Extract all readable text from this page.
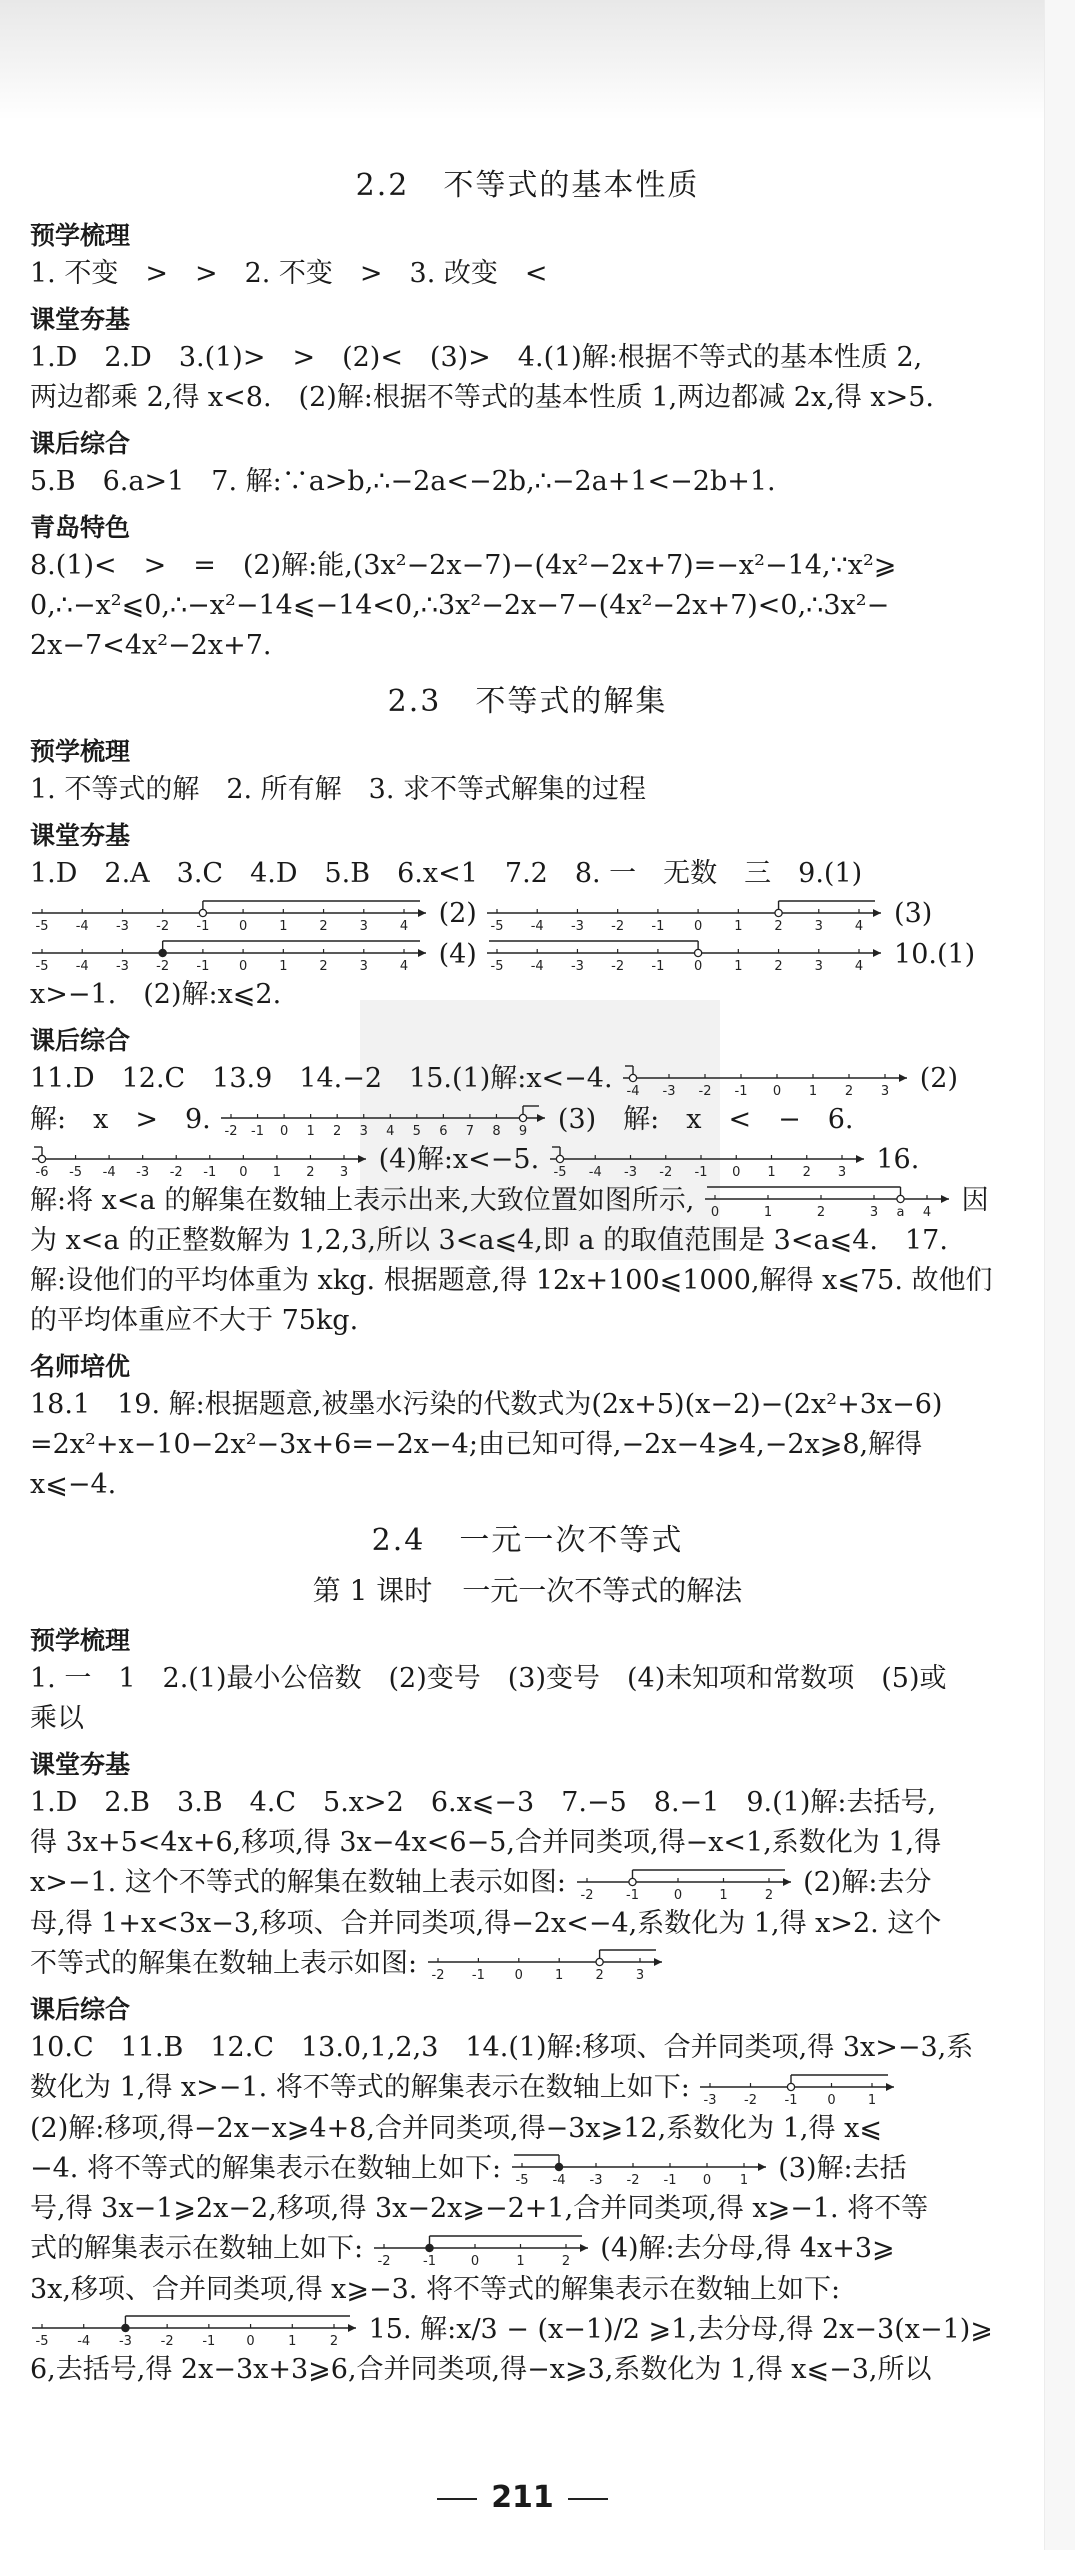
2.2 不等式的基本性质
预学梳理
1. 不变　>　>　2. 不变　>　3. 改变　<
课堂夯基
1.D　2.D　3.(1)>　>　(2)<　(3)>　4.(1)解:根据不等式的基本性质 2,
两边都乘 2,得 x<8.　(2)解:根据不等式的基本性质 1,两边都减 2x,得 x>5.
课后综合
5.B　6.a>1　7. 解:∵a>b,∴−2a<−2b,∴−2a+1<−2b+1.
青岛特色
8.(1)<　>　=　(2)解:能,(3x²−2x−7)−(4x²−2x+7)=−x²−14,∵x²⩾
0,∴−x²⩽0,∴−x²−14⩽−14<0,∴3x²−2x−7−(4x²−2x+7)<0,∴3x²−
2x−7<4x²−2x+7.
2.3 不等式的解集
预学梳理
1. 不等式的解　2. 所有解　3. 求不等式解集的过程
课堂夯基
1.D　2.A　3.C　4.D　5.B　6.x<1　7.2　8. 一　无数　三　9.(1)
-5 -4 -3 -2 -1 0 1 2 3 4 (2) -5 -4 -3 -2 -1 0 1 2 3 4 (3)
-5 -4 -3 -2 -1 0 1 2 3 4 (4) -5 -4 -3 -2 -1 0 1 2 3 4 10.(1)
x>−1.　(2)解:x⩽2.
课后综合
11.D　12.C　13.9　14.−2　15.(1)解:x<−4. -4 -3 -2 -1 0 1 2 3 (2)
解:　x　>　9. -2 -1 0 1 2 3 4 5 6 7 8 9 (3)　解:　x　<　−　6.
-6 -5 -4 -3 -2 -1 0 1 2 3 (4)解:x<−5. -5 -4 -3 -2 -1 0 1 2 3 16.
解:将 x<a 的解集在数轴上表示出来,大致位置如图所示, 0	1	2	3 a 4 因
为 x<a 的正整数解为 1,2,3,所以 3<a⩽4,即 a 的取值范围是 3<a⩽4.　17.
解:设他们的平均体重为 xkg. 根据题意,得 12x+100⩽1000,解得 x⩽75. 故他们
的平均体重应不大于 75kg.
名师培优
18.1　19. 解:根据题意,被墨水污染的代数式为(2x+5)(x−2)−(2x²+3x−6)
=2x²+x−10−2x²−3x+6=−2x−4;由已知可得,−2x−4⩾4,−2x⩾8,解得
x⩽−4.
2.4 一元一次不等式
第 1 课时 一元一次不等式的解法
预学梳理
1. 一　1　2.(1)最小公倍数　(2)变号　(3)变号　(4)未知项和常数项　(5)或
乘以
课堂夯基
1.D　2.B　3.B　4.C　5.x>2　6.x⩽−3　7.−5　8.−1　9.(1)解:去括号,
得 3x+5<4x+6,移项,得 3x−4x<6−5,合并同类项,得−x<1,系数化为 1,得
x>−1. 这个不等式的解集在数轴上表示如图: -2	-1	0	1	2 (2)解:去分
母,得 1+x<3x−3,移项、合并同类项,得−2x<−4,系数化为 1,得 x>2. 这个
不等式的解集在数轴上表示如图: -2 -1 0 1 2 3
课后综合
10.C　11.B　12.C　13.0,1,2,3　14.(1)解:移项、合并同类项,得 3x>−3,系
数化为 1,得 x>−1. 将不等式的解集表示在数轴上如下: -3 -2 -1 0 1
(2)解:移项,得−2x−x⩾4+8,合并同类项,得−3x⩾12,系数化为 1,得 x⩽
−4. 将不等式的解集表示在数轴上如下: -5 -4 -3 -2 -1 0 1 (3)解:去括
号,得 3x−1⩾2x−2,移项,得 3x−2x⩾−2+1,合并同类项,得 x⩾−1. 将不等
式的解集表示在数轴上如下: -2	-1	0	1	2 (4)解:去分母,得 4x+3⩾
3x,移项、合并同类项,得 x⩾−3. 将不等式的解集表示在数轴上如下:
-5 -4 -3 -2 -1 0	1	2 15. 解:x/3 − (x−1)/2 ⩾1,去分母,得 2x−3(x−1)⩾
6,去括号,得 2x−3x+3⩾6,合并同类项,得−x⩾3,系数化为 1,得 x⩽−3,所以
211
